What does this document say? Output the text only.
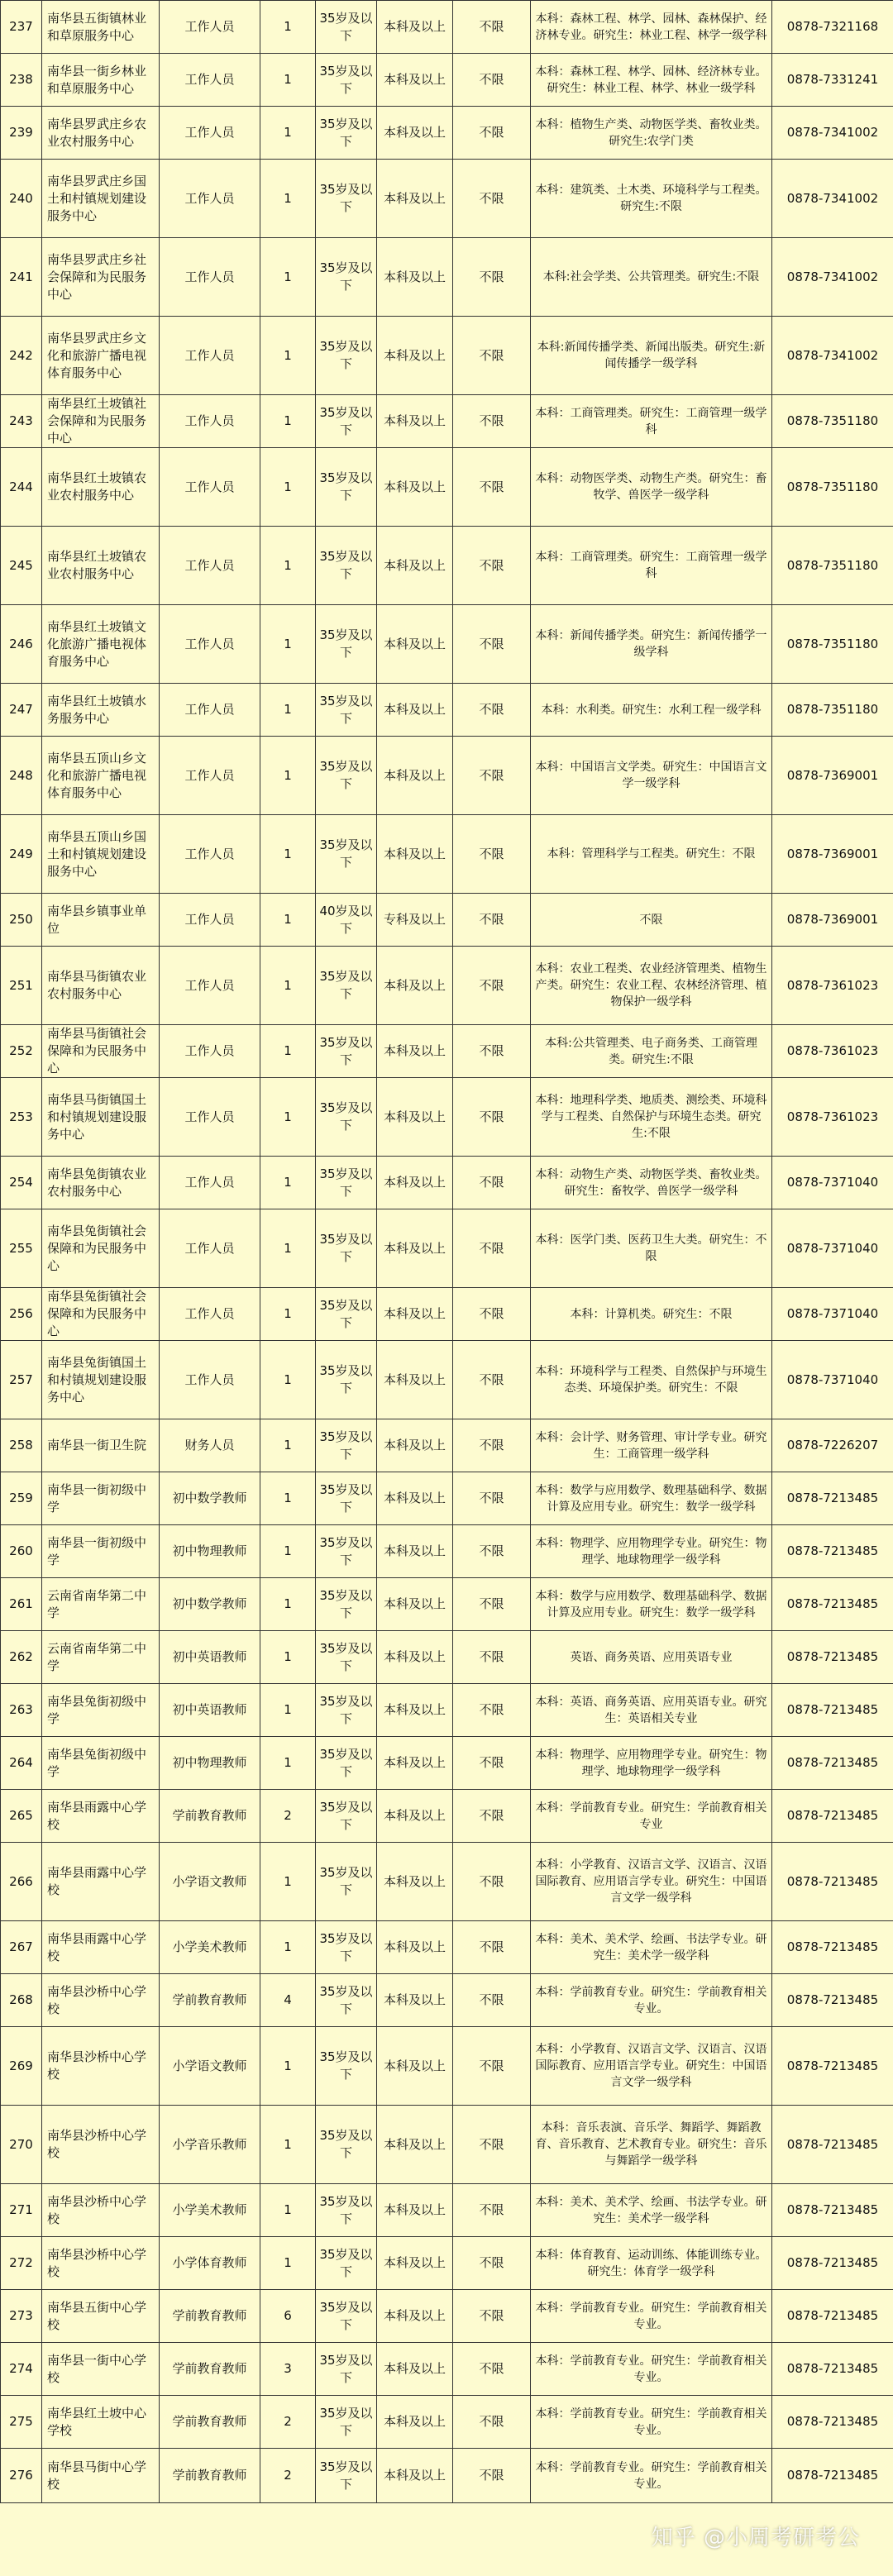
237	南华县五街镇林业和草原服务中心	工作人员	1	35岁及以下	本科及以上	不限	本科：森林工程、林学、园林、森林保护、经济林专业。研究生：林业工程、林学一级学科	0878-7321168
238	南华县一街乡林业和草原服务中心	工作人员	1	35岁及以下	本科及以上	不限	本科：森林工程、林学、园林、经济林专业。研究生：林业工程、林学、林业一级学科	0878-7331241
239	南华县罗武庄乡农业农村服务中心	工作人员	1	35岁及以下	本科及以上	不限	本科：植物生产类、动物医学类、畜牧业类。研究生:农学门类	0878-7341002
240	南华县罗武庄乡国土和村镇规划建设服务中心	工作人员	1	35岁及以下	本科及以上	不限	本科：建筑类、土木类、环境科学与工程类。研究生:不限	0878-7341002
241	南华县罗武庄乡社会保障和为民服务中心	工作人员	1	35岁及以下	本科及以上	不限	本科:社会学类、公共管理类。研究生:不限	0878-7341002
242	南华县罗武庄乡文化和旅游广播电视体育服务中心	工作人员	1	35岁及以下	本科及以上	不限	本科:新闻传播学类、新闻出版类。研究生:新闻传播学一级学科	0878-7341002
243	南华县红土坡镇社会保障和为民服务中心	工作人员	1	35岁及以下	本科及以上	不限	本科：工商管理类。研究生：工商管理一级学科	0878-7351180
244	南华县红土坡镇农业农村服务中心	工作人员	1	35岁及以下	本科及以上	不限	本科：动物医学类、动物生产类。研究生：畜牧学、兽医学一级学科	0878-7351180
245	南华县红土坡镇农业农村服务中心	工作人员	1	35岁及以下	本科及以上	不限	本科：工商管理类。研究生：工商管理一级学科	0878-7351180
246	南华县红土坡镇文化旅游广播电视体育服务中心	工作人员	1	35岁及以下	本科及以上	不限	本科：新闻传播学类。研究生：新闻传播学一级学科	0878-7351180
247	南华县红土坡镇水务服务中心	工作人员	1	35岁及以下	本科及以上	不限	本科：水利类。研究生：水利工程一级学科	0878-7351180
248	南华县五顶山乡文化和旅游广播电视体育服务中心	工作人员	1	35岁及以下	本科及以上	不限	本科：中国语言文学类。研究生：中国语言文学一级学科	0878-7369001
249	南华县五顶山乡国土和村镇规划建设服务中心	工作人员	1	35岁及以下	本科及以上	不限	本科：管理科学与工程类。研究生：不限	0878-7369001
250	南华县乡镇事业单位	工作人员	1	40岁及以下	专科及以上	不限	不限	0878-7369001
251	南华县马街镇农业农村服务中心	工作人员	1	35岁及以下	本科及以上	不限	本科：农业工程类、农业经济管理类、植物生产类。研究生：农业工程、农林经济管理、植物保护一级学科	0878-7361023
252	南华县马街镇社会保障和为民服务中心	工作人员	1	35岁及以下	本科及以上	不限	本科:公共管理类、电子商务类、工商管理类。研究生:不限	0878-7361023
253	南华县马街镇国土和村镇规划建设服务中心	工作人员	1	35岁及以下	本科及以上	不限	本科：地理科学类、地质类、测绘类、环境科学与工程类、自然保护与环境生态类。研究生:不限	0878-7361023
254	南华县兔街镇农业农村服务中心	工作人员	1	35岁及以下	本科及以上	不限	本科：动物生产类、动物医学类、畜牧业类。研究生：畜牧学、兽医学一级学科	0878-7371040
255	南华县兔街镇社会保障和为民服务中心	工作人员	1	35岁及以下	本科及以上	不限	本科：医学门类、医药卫生大类。研究生：不限	0878-7371040
256	南华县兔街镇社会保障和为民服务中心	工作人员	1	35岁及以下	本科及以上	不限	本科：计算机类。研究生：不限	0878-7371040
257	南华县兔街镇国土和村镇规划建设服务中心	工作人员	1	35岁及以下	本科及以上	不限	本科：环境科学与工程类、自然保护与环境生态类、环境保护类。研究生：不限	0878-7371040
258	南华县一街卫生院	财务人员	1	35岁及以下	本科及以上	不限	本科：会计学、财务管理、审计学专业。研究生：工商管理一级学科	0878-7226207
259	南华县一街初级中学	初中数学教师	1	35岁及以下	本科及以上	不限	本科：数学与应用数学、数理基础科学、数据计算及应用专业。研究生：数学一级学科	0878-7213485
260	南华县一街初级中学	初中物理教师	1	35岁及以下	本科及以上	不限	本科：物理学、应用物理学专业。研究生：物理学、地球物理学一级学科	0878-7213485
261	云南省南华第二中学	初中数学教师	1	35岁及以下	本科及以上	不限	本科：数学与应用数学、数理基础科学、数据计算及应用专业。研究生：数学一级学科	0878-7213485
262	云南省南华第二中学	初中英语教师	1	35岁及以下	本科及以上	不限	英语、商务英语、应用英语专业	0878-7213485
263	南华县兔街初级中学	初中英语教师	1	35岁及以下	本科及以上	不限	本科：英语、商务英语、应用英语专业。研究生：英语相关专业	0878-7213485
264	南华县兔街初级中学	初中物理教师	1	35岁及以下	本科及以上	不限	本科：物理学、应用物理学专业。研究生：物理学、地球物理学一级学科	0878-7213485
265	南华县雨露中心学校	学前教育教师	2	35岁及以下	本科及以上	不限	本科：学前教育专业。研究生：学前教育相关专业	0878-7213485
266	南华县雨露中心学校	小学语文教师	1	35岁及以下	本科及以上	不限	本科：小学教育、汉语言文学、汉语言、汉语国际教育、应用语言学专业。研究生：中国语言文学一级学科	0878-7213485
267	南华县雨露中心学校	小学美术教师	1	35岁及以下	本科及以上	不限	本科：美术、美术学、绘画、书法学专业。研究生：美术学一级学科	0878-7213485
268	南华县沙桥中心学校	学前教育教师	4	35岁及以下	本科及以上	不限	本科：学前教育专业。研究生：学前教育相关专业。	0878-7213485
269	南华县沙桥中心学校	小学语文教师	1	35岁及以下	本科及以上	不限	本科：小学教育、汉语言文学、汉语言、汉语国际教育、应用语言学专业。研究生：中国语言文学一级学科	0878-7213485
270	南华县沙桥中心学校	小学音乐教师	1	35岁及以下	本科及以上	不限	本科：音乐表演、音乐学、舞蹈学、舞蹈教育、音乐教育、艺术教育专业。研究生：音乐与舞蹈学一级学科	0878-7213485
271	南华县沙桥中心学校	小学美术教师	1	35岁及以下	本科及以上	不限	本科：美术、美术学、绘画、书法学专业。研究生：美术学一级学科	0878-7213485
272	南华县沙桥中心学校	小学体育教师	1	35岁及以下	本科及以上	不限	本科：体育教育、运动训练、体能训练专业。研究生：体育学一级学科	0878-7213485
273	南华县五街中心学校	学前教育教师	6	35岁及以下	本科及以上	不限	本科：学前教育专业。研究生：学前教育相关专业。	0878-7213485
274	南华县一街中心学校	学前教育教师	3	35岁及以下	本科及以上	不限	本科：学前教育专业。研究生：学前教育相关专业。	0878-7213485
275	南华县红土坡中心学校	学前教育教师	2	35岁及以下	本科及以上	不限	本科：学前教育专业。研究生：学前教育相关专业。	0878-7213485
276	南华县马街中心学校	学前教育教师	2	35岁及以下	本科及以上	不限	本科：学前教育专业。研究生：学前教育相关专业。	0878-7213485
知乎 @小周考研考公
